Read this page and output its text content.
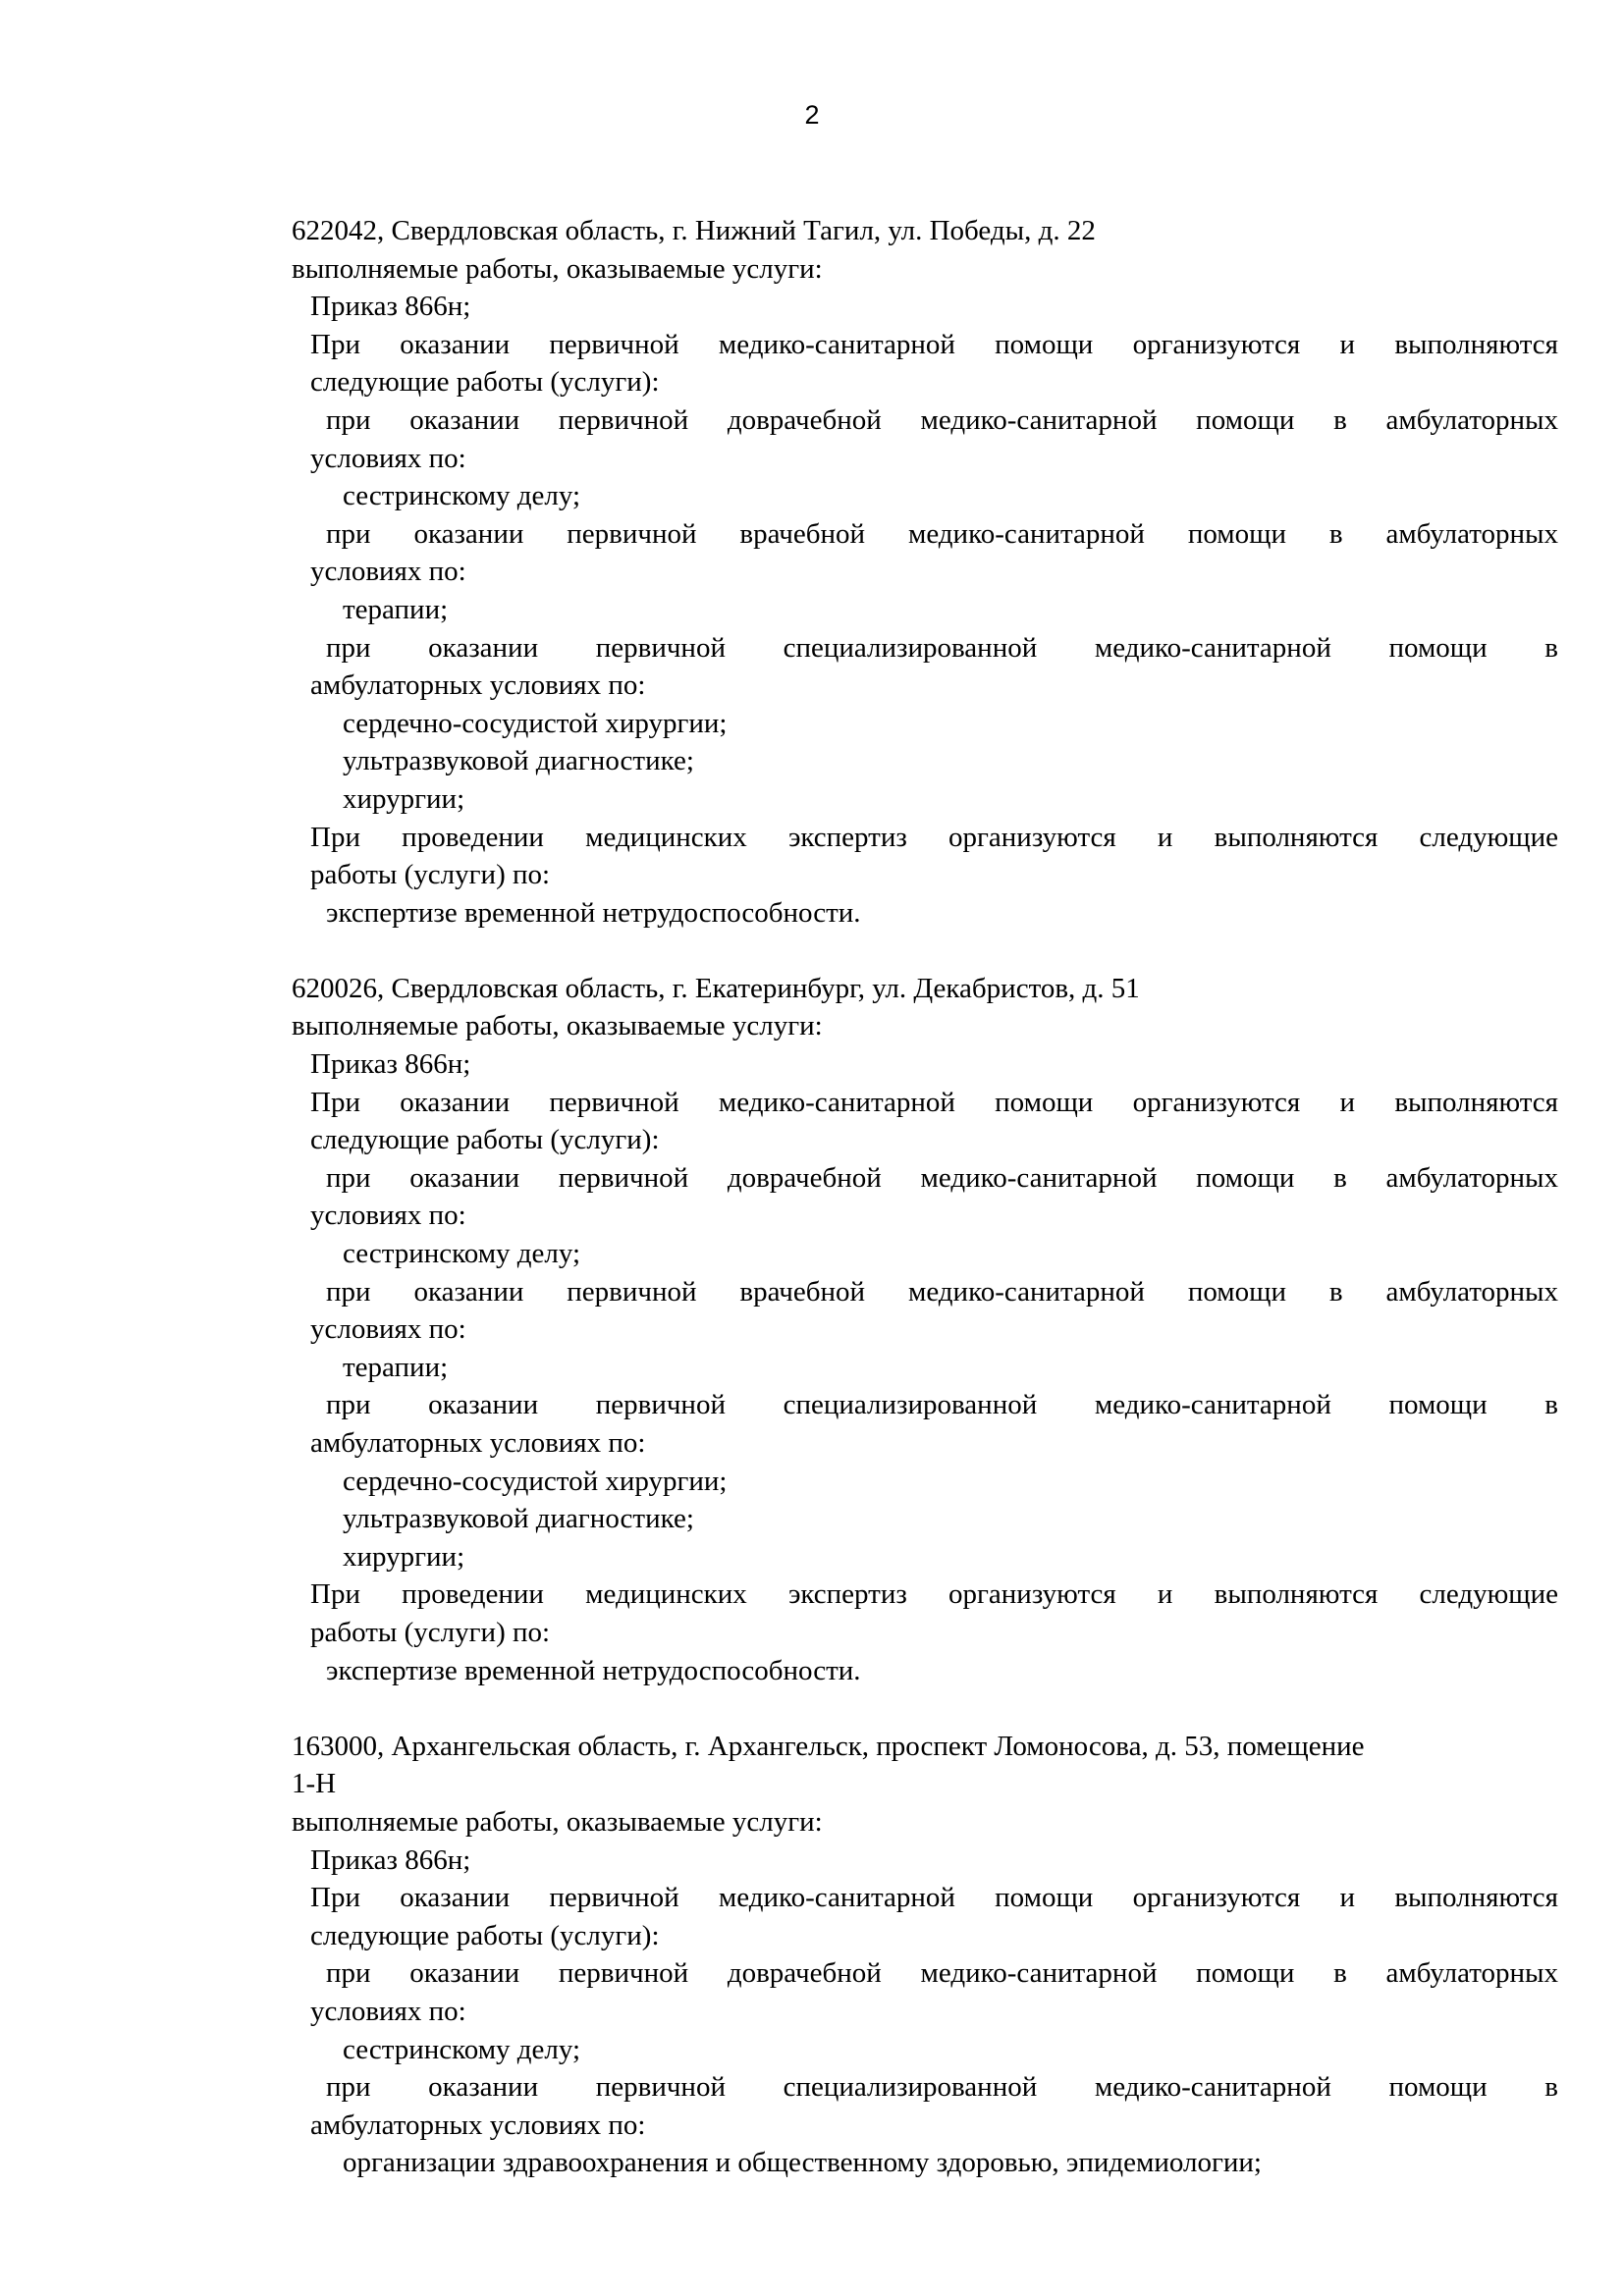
2
622042, Свердловская область, г. Нижний Тагил, ул. Победы, д. 22
выполняемые работы, оказываемые услуги:
Приказ 866н;
При оказании первичной медико-санитарной помощи организуются и выполняются
следующие работы (услуги):
при оказании первичной доврачебной медико-санитарной помощи в амбулаторных
условиях по:
сестринскому делу;
при оказании первичной врачебной медико-санитарной помощи в амбулаторных
условиях по:
терапии;
при оказании первичной специализированной медико-санитарной помощи в
амбулаторных условиях по:
сердечно-сосудистой хирургии;
ультразвуковой диагностике;
хирургии;
При проведении медицинских экспертиз организуются и выполняются следующие
работы (услуги) по:
экспертизе временной нетрудоспособности.
620026, Свердловская область, г. Екатеринбург, ул. Декабристов, д. 51
выполняемые работы, оказываемые услуги:
Приказ 866н;
При оказании первичной медико-санитарной помощи организуются и выполняются
следующие работы (услуги):
при оказании первичной доврачебной медико-санитарной помощи в амбулаторных
условиях по:
сестринскому делу;
при оказании первичной врачебной медико-санитарной помощи в амбулаторных
условиях по:
терапии;
при оказании первичной специализированной медико-санитарной помощи в
амбулаторных условиях по:
сердечно-сосудистой хирургии;
ультразвуковой диагностике;
хирургии;
При проведении медицинских экспертиз организуются и выполняются следующие
работы (услуги) по:
экспертизе временной нетрудоспособности.
163000, Архангельская область, г. Архангельск, проспект Ломоносова, д. 53, помещение
1-Н
выполняемые работы, оказываемые услуги:
Приказ 866н;
При оказании первичной медико-санитарной помощи организуются и выполняются
следующие работы (услуги):
при оказании первичной доврачебной медико-санитарной помощи в амбулаторных
условиях по:
сестринскому делу;
при оказании первичной специализированной медико-санитарной помощи в
амбулаторных условиях по:
организации здравоохранения и общественному здоровью, эпидемиологии;
